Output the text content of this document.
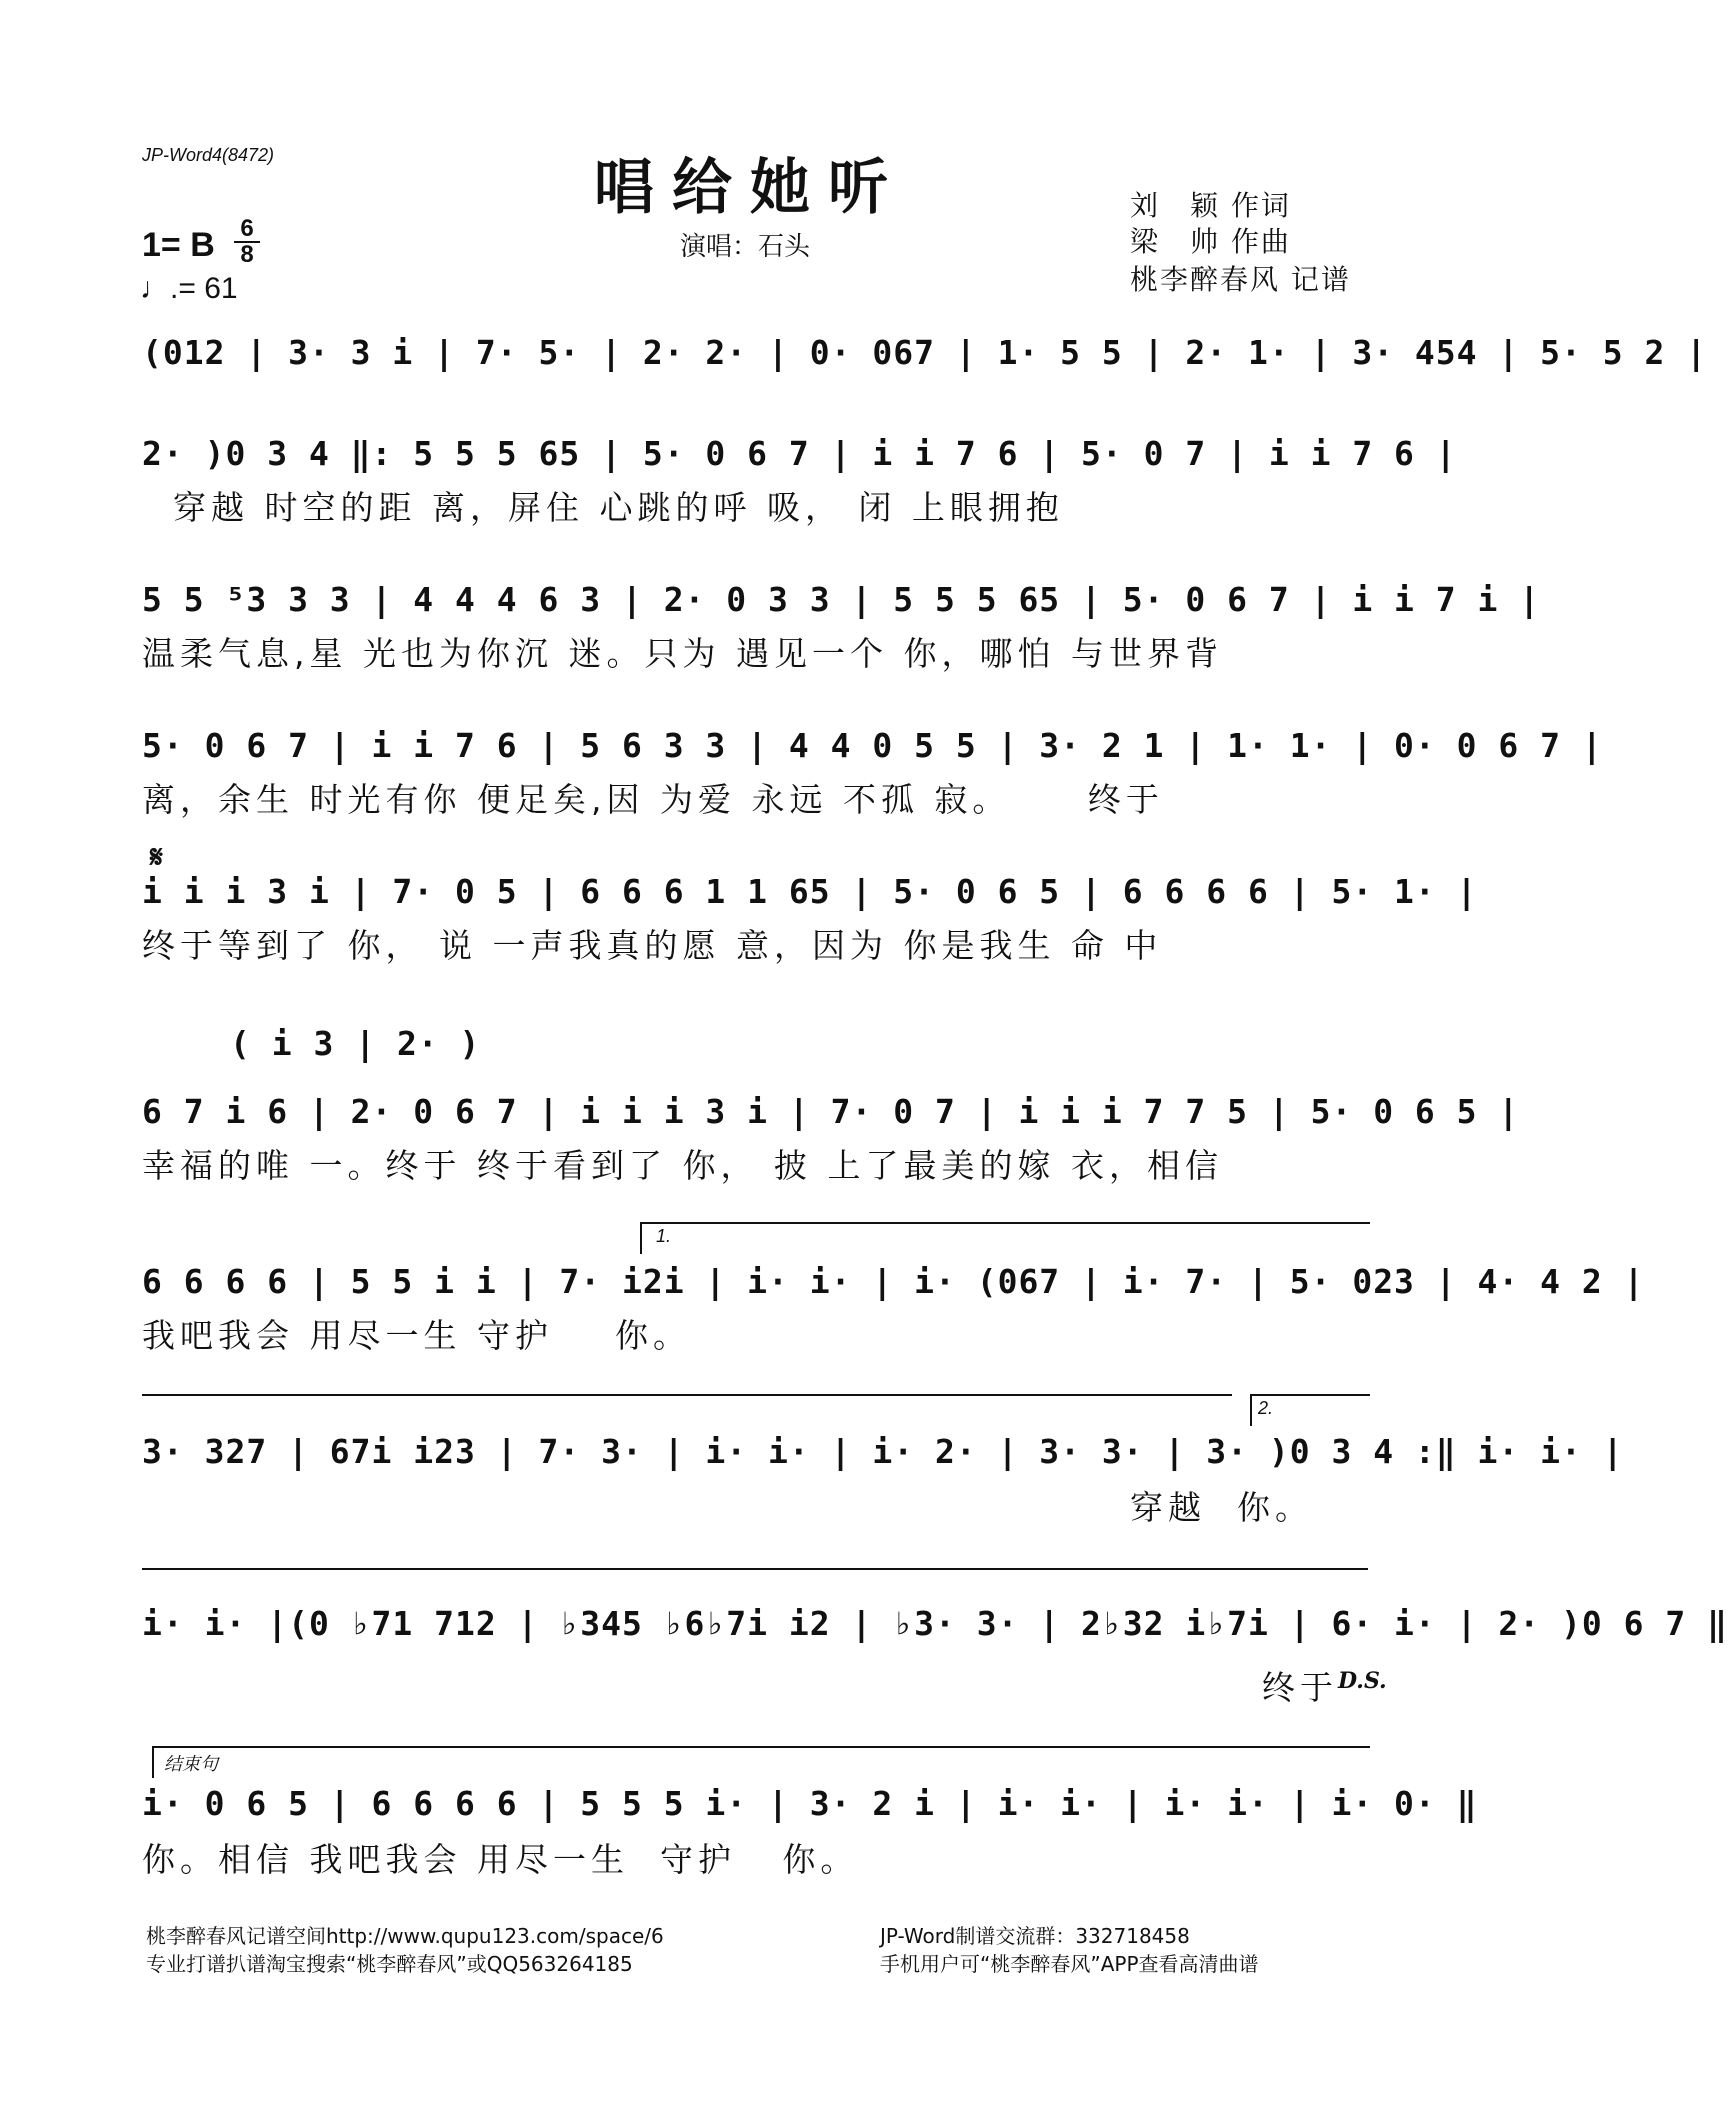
JP-Word4(8472)	唱给她听
演唱：石头
刘　颖 作词
梁　帅 作曲
桃李醉春风 记谱
1= B	6
8
♩.= 61
(012 | 3· 3 i | 7· 5· | 2· 2· | 0· 067 | 1· 5 5 | 2· 1· | 3· 454 | 5· 5 2 |
2· )0 3 4 ‖: 5 5 5 65 | 5· 0 6 7 | i i 7 6 | 5· 0 7 | i i 7 6 |
穿越 时空的距 离，屏住 心跳的呼 吸， 闭 上眼拥抱
5 5 ⁵3 3 3 | 4 4 4 6 3 | 2· 0 3 3 | 5 5 5 65 | 5· 0 6 7 | i i 7 i |
温柔气息,星 光也为你沉 迷。只为 遇见一个 你，哪怕 与世界背
5· 0 6 7 | i i 7 6 | 5 6 3 3 | 4 4 0 5 5 | 3· 2 1 | 1· 1· | 0· 0 6 7 |
离，余生 时光有你 便足矣,因 为爱 永远 不孤 寂。     终于
𝄋
i i i 3 i | 7· 0 5 | 6 6 6 1 1 65 | 5· 0 6 5 | 6 6 6 6 | 5· 1· |
终于等到了 你， 说 一声我真的愿 意，因为 你是我生 命 中
( i 3 | 2· )
6 7 i 6 | 2· 0 6 7 | i i i 3 i | 7· 0 7 | i i i 7 7 5 | 5· 0 6 5 |
幸福的唯 一。终于 终于看到了 你， 披 上了最美的嫁 衣，相信
1.
6 6 6 6 | 5 5 i i | 7· i2i | i· i· | i· (067 | i· 7· | 5· 023 | 4· 4 2 |
我吧我会 用尽一生 守护    你。
2.
3· 327 | 67i i23 | 7· 3· | i· i· | i· 2· | 3· 3· | 3· )0 3 4 :‖ i· i· |
穿越  你。
i· i· |(0 ♭71 712 | ♭345 ♭6♭7i i2 | ♭3· 3· | 2♭32 i♭7i | 6· i· | 2· )0 6 7 ‖
终于 D.S.
结束句
i· 0 6 5 | 6 6 6 6 | 5 5 5 i· | 3· 2 i | i· i· | i· i· | i· 0· ‖
你。相信 我吧我会 用尽一生  守护   你。
桃李醉春风记谱空间http://www.qupu123.com/space/6
专业打谱扒谱淘宝搜索“桃李醉春风”或QQ563264185
JP-Word制谱交流群：332718458
手机用户可“桃李醉春风”APP查看高清曲谱
